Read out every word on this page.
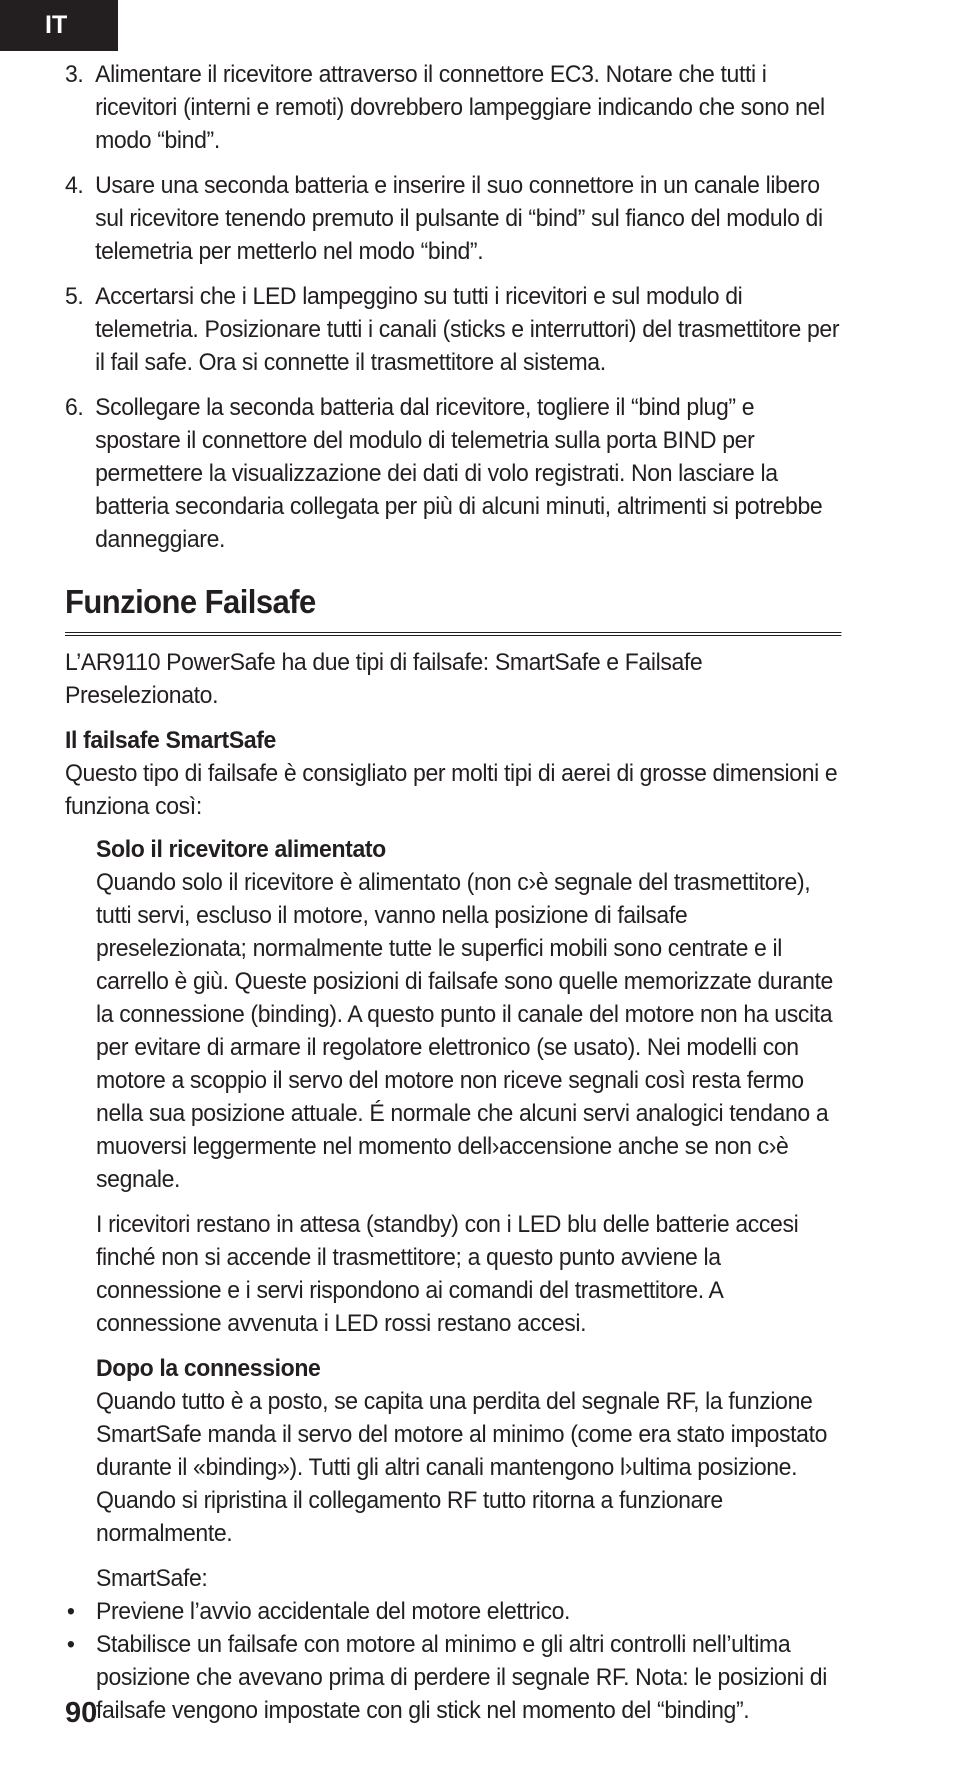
IT
3. Alimentare il ricevitore attraverso il connettore EC3. Notare che tutti i ricevitori (interni e remoti) dovrebbero lampeggiare indicando che sono nel modo “bind”.
4. Usare una seconda batteria e inserire il suo connettore in un canale libero sul ricevitore tenendo premuto il pulsante di “bind” sul fianco del modulo di telemetria per metterlo nel modo “bind”.
5. Accertarsi che i LED lampeggino su tutti i ricevitori e sul modulo di telemetria. Posizionare tutti i canali (sticks e interruttori) del trasmettitore per il fail safe. Ora si connette il trasmettitore al sistema.
6. Scollegare la seconda batteria dal ricevitore, togliere il “bind plug” e spostare il connettore del modulo di telemetria sulla porta BIND per permettere la visualizzazione dei dati di volo registrati. Non lasciare la batteria secondaria collegata per più di alcuni minuti, altrimenti si potrebbe danneggiare.
Funzione Failsafe

L’AR9110 PowerSafe ha due tipi di failsafe: SmartSafe e Failsafe Preselezionato.

Il failsafe SmartSafe

Questo tipo di failsafe è consigliato per molti tipi di aerei di grosse dimensioni e funziona così:

Solo il ricevitore alimentato

Quando solo il ricevitore è alimentato (non c›è segnale del trasmettitore), tutti servi, escluso il motore, vanno nella posizione di failsafe preselezionata; normalmente tutte le superfici mobili sono centrate e il carrello è giù. Queste posizioni di failsafe sono quelle memorizzate durante la connessione (binding). A questo punto il canale del motore non ha uscita per evitare di armare il regolatore elettronico (se usato). Nei modelli con motore a scoppio il servo del motore non riceve segnali così resta fermo nella sua posizione attuale. É normale che alcuni servi analogici tendano a muoversi leggermente nel momento dell›accensione anche se non c›è segnale.

I ricevitori restano in attesa (standby) con i LED blu delle batterie accesi finché non si accende il trasmettitore; a questo punto avviene la connessione e i servi rispondono ai comandi del trasmettitore. A connessione avvenuta i LED rossi restano accesi.

Dopo la connessione

Quando tutto è a posto, se capita una perdita del segnale RF, la funzione SmartSafe manda il servo del motore al minimo (come era stato impostato durante il «binding»). Tutti gli altri canali mantengono l›ultima posizione. Quando si ripristina il collegamento RF tutto ritorna a funzionare normalmente.

SmartSafe:

• Previene l’avvio accidentale del motore elettrico.
• Stabilisce un failsafe con motore al minimo e gli altri controlli nell’ultima posizione che avevano prima di perdere il segnale RF. Nota: le posizioni di failsafe vengono impostate con gli stick nel momento del “binding”.
90
